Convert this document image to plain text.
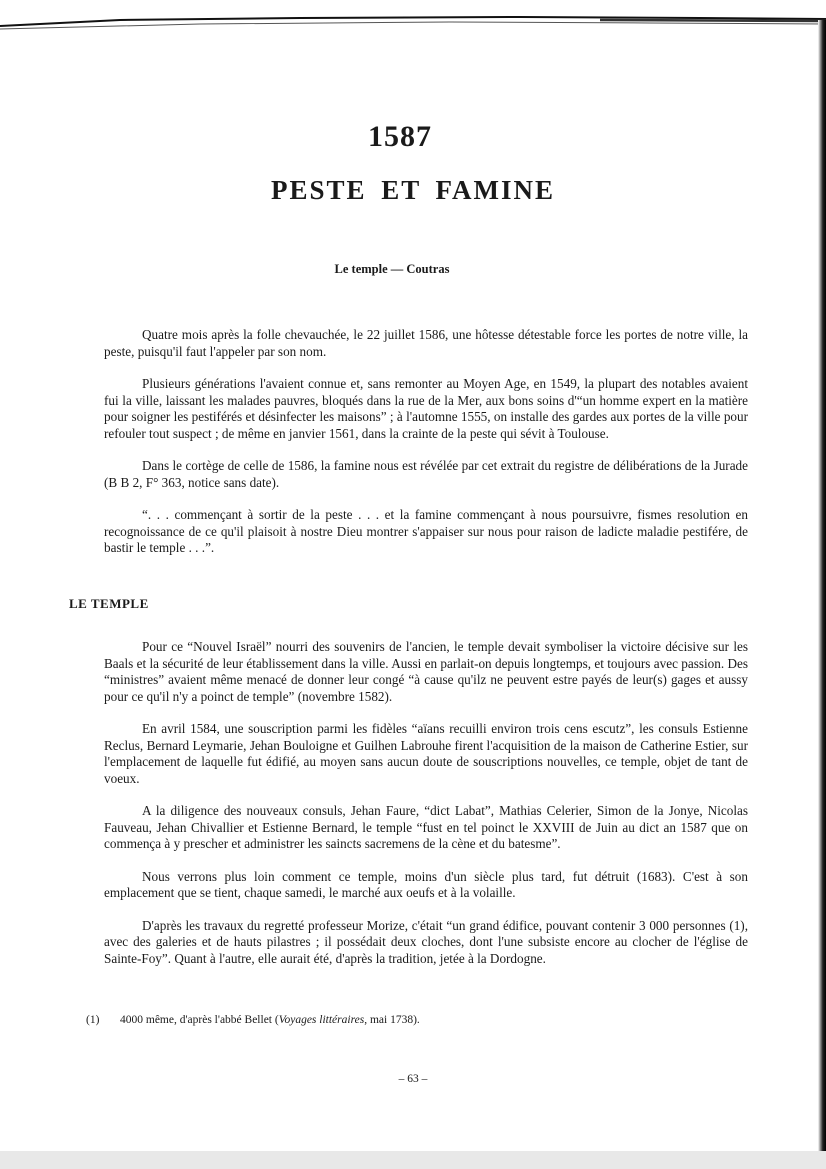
1587
PESTE ET FAMINE
Le temple — Coutras

Quatre mois après la folle chevauchée, le 22 juillet 1586, une hôtesse détestable force les portes de notre ville, la peste, puisqu'il faut l'appeler par son nom.

Plusieurs générations l'avaient connue et, sans remonter au Moyen Age, en 1549, la plupart des notables avaient fui la ville, laissant les malades pauvres, bloqués dans la rue de la Mer, aux bons soins d'“un homme expert en la matière pour soigner les pestiférés et désinfecter les maisons” ; à l'automne 1555, on installe des gardes aux portes de la ville pour refouler tout suspect ; de même en janvier 1561, dans la crainte de la peste qui sévit à Toulouse.

Dans le cortège de celle de 1586, la famine nous est révélée par cet extrait du registre de délibérations de la Jurade (B B 2, F° 363, notice sans date).

“. . . commençant à sortir de la peste . . . et la famine commençant à nous poursuivre, fismes resolution en recognoissance de ce qu'il plaisoit à nostre Dieu montrer s'appaiser sur nous pour raison de ladicte maladie pestifére, de bastir le temple . . .”.

LE TEMPLE

Pour ce “Nouvel Israël” nourri des souvenirs de l'ancien, le temple devait symboliser la victoire décisive sur les Baals et la sécurité de leur établissement dans la ville. Aussi en parlait-on depuis longtemps, et toujours avec passion. Des “ministres” avaient même menacé de donner leur congé “à cause qu'ilz ne peuvent estre payés de leur(s) gages et aussy pour ce qu'il n'y a poinct de temple” (novembre 1582).

En avril 1584, une souscription parmi les fidèles “aïans recuilli environ trois cens escutz”, les consuls Estienne Reclus, Bernard Leymarie, Jehan Bouloigne et Guilhen Labrouhe firent l'acquisition de la maison de Catherine Estier, sur l'emplacement de laquelle fut édifié, au moyen sans aucun doute de souscriptions nouvelles, ce temple, objet de tant de voeux.

A la diligence des nouveaux consuls, Jehan Faure, “dict Labat”, Mathias Celerier, Simon de la Jonye, Nicolas Fauveau, Jehan Chivallier et Estienne Bernard, le temple “fust en tel poinct le XXVIII de Juin au dict an 1587 que on commença à y prescher et administrer les saincts sacremens de la cène et du batesme”.

Nous verrons plus loin comment ce temple, moins d'un siècle plus tard, fut détruit (1683). C'est à son emplacement que se tient, chaque samedi, le marché aux oeufs et à la volaille.

D'après les travaux du regretté professeur Morize, c'était “un grand édifice, pouvant contenir 3 000 personnes (1), avec des galeries et de hauts pilastres ; il possédait deux cloches, dont l'une subsiste encore au clocher de l'église de Sainte-Foy”. Quant à l'autre, elle aurait été, d'après la tradition, jetée à la Dordogne.

(1) 4000 même, d'après l'abbé Bellet (Voyages littéraires, mai 1738).
– 63 –
